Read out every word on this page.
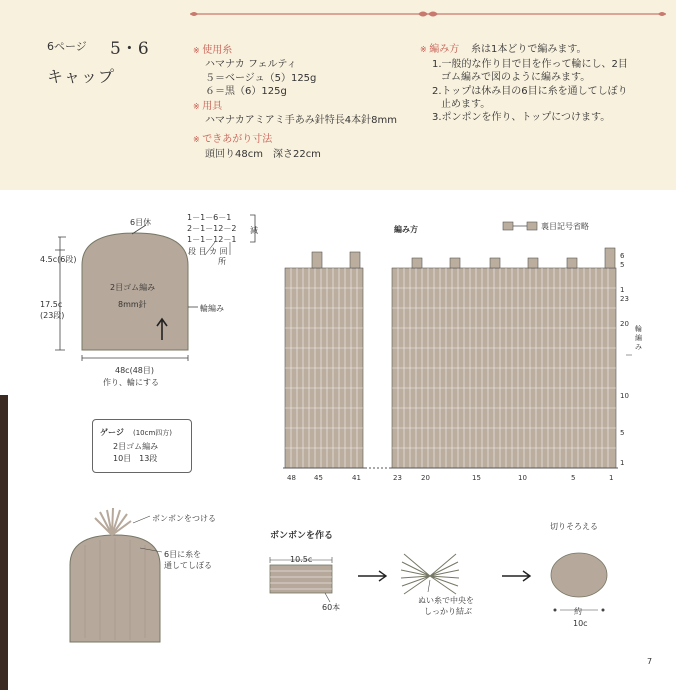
6ページ 5・6
キャップ
※ 使用糸
ハマナカ フェルティ
５＝ベージュ（5）125g
６＝黒（6）125g
※ 用具
ハマナカアミアミ手あみ針特長4本針8mm
※ できあがり寸法
頭回り48cm　深さ22cm
※ 編み方 糸は1本どりで編みます。
1.一般的な作り目で目を作って輪にし、2目
ゴム編みで図のように編みます。
2.トップは休み目の6目に糸を通してしぼり
止めます。
3.ポンポンを作り、トップにつけます。
6目休
1－1－6－1
2－1－12－2
1－1－12－1
減
段 目 カ 回
所
4.5c(6段)
17.5c
(23段)
2目ゴム編み
8mm針	輪編み
48c(48目)
作り、輪にする
ゲージ (10cm四方)
2目ゴム編み
10目　13段
編み方	裏目記号省略
6
5
1
23
20
10
5
1
輪編み
48	45	41	23	20	15	10	5	1
ボンボンをつける
6目に糸を
通してしぼる
ボンボンを作る
10.5c
60本
ぬい糸で中央を
しっかり結ぶ
切りそろえる
約
10c
7
